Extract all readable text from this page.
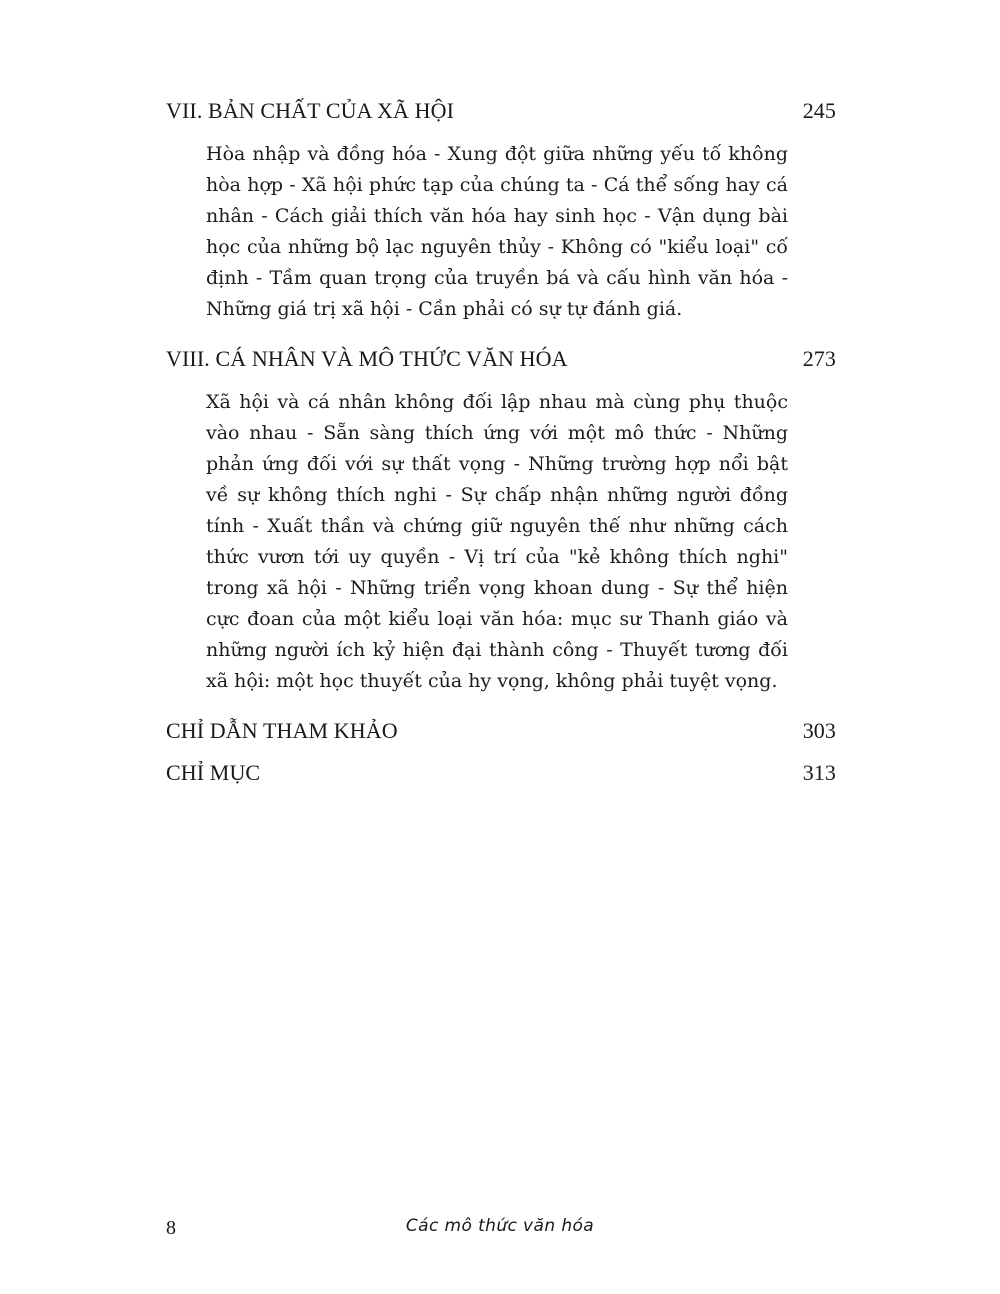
VII. BẢN CHẤT CỦA XÃ HỘI	245
Hòa nhập và đồng hóa - Xung đột giữa những yếu tố không hòa hợp - Xã hội phức tạp của chúng ta - Cá thể sống hay cá nhân - Cách giải thích văn hóa hay sinh học - Vận dụng bài học của những bộ lạc nguyên thủy - Không có "kiểu loại" cố định - Tầm quan trọng của truyền bá và cấu hình văn hóa - Những giá trị xã hội - Cần phải có sự tự đánh giá.
VIII. CÁ NHÂN VÀ MÔ THỨC VĂN HÓA	273
Xã hội và cá nhân không đối lập nhau mà cùng phụ thuộc vào nhau - Sẵn sàng thích ứng với một mô thức - Những phản ứng đối với sự thất vọng - Những trường hợp nổi bật về sự không thích nghi - Sự chấp nhận những người đồng tính - Xuất thần và chứng giữ nguyên thế như những cách thức vươn tới uy quyền - Vị trí của "kẻ không thích nghi" trong xã hội - Những triển vọng khoan dung - Sự thể hiện cực đoan của một kiểu loại văn hóa: mục sư Thanh giáo và những người ích kỷ hiện đại thành công - Thuyết tương đối xã hội: một học thuyết của hy vọng, không phải tuyệt vọng.
CHỈ DẪN THAM KHẢO	303
CHỈ MỤC	313
8	Các mô thức văn hóa
